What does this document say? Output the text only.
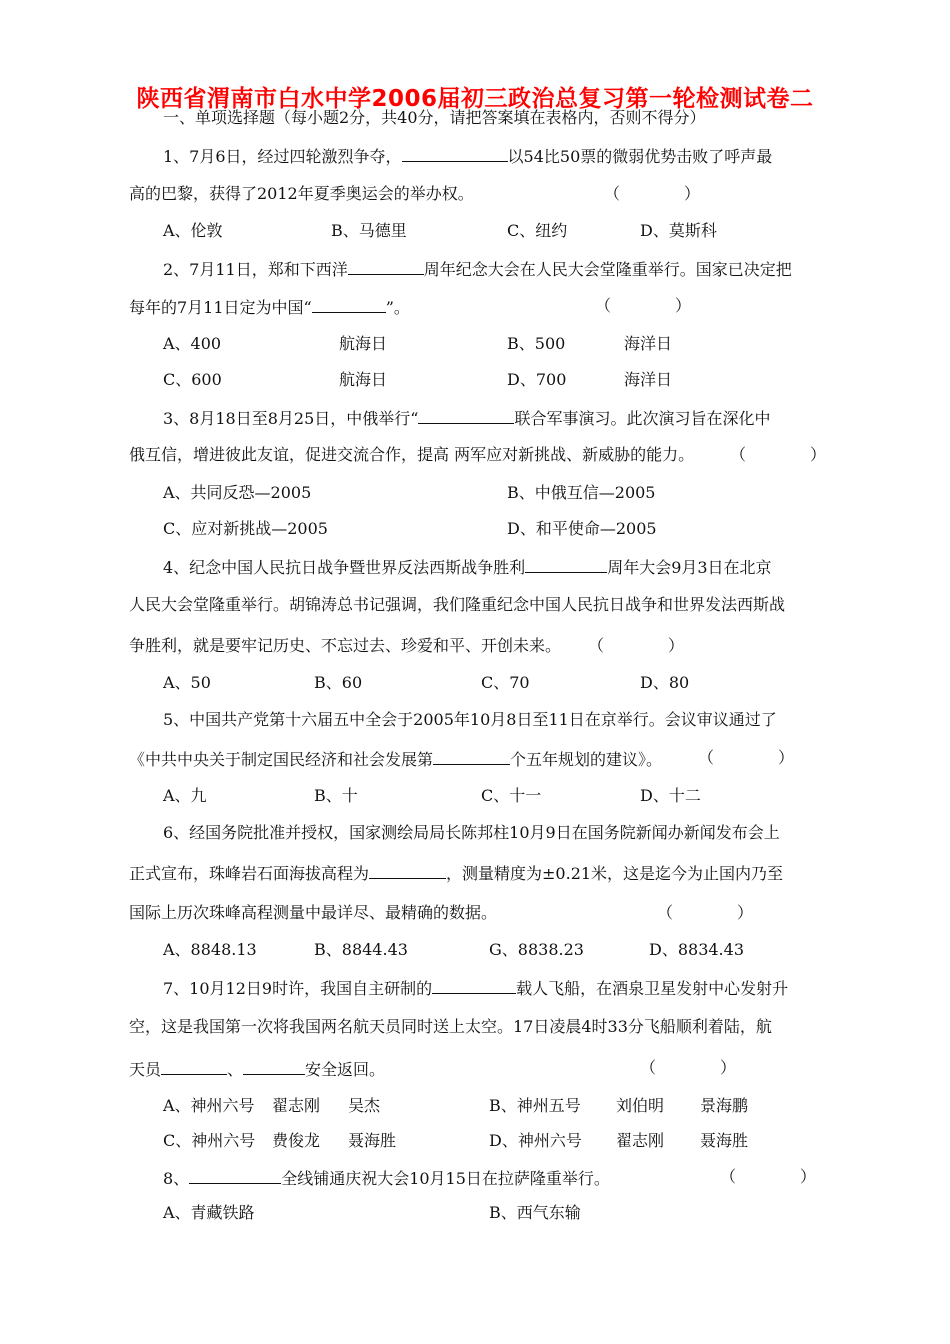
陕西省渭南市白水中学2006届初三政治总复习第一轮检测试卷二
一、单项选择题（每小题2分，共40分，请把答案填在表格内，否则不得分）
1、7月6日，经过四轮激烈争夺，	以54比50票的微弱优势击败了呼声最
高的巴黎，获得了2012年夏季奥运会的举办权。	（　　　　）
A、伦敦	B、马德里	C、纽约	D、莫斯科
2、7月11日，郑和下西洋	周年纪念大会在人民大会堂隆重举行。国家已决定把
每年的7月11日定为中国“	”。	（　　　　）
A、400	航海日	B、500	海洋日
C、600	航海日	D、700	海洋日
3、8月18日至8月25日，中俄举行“	联合军事演习。此次演习旨在深化中
俄互信，增进彼此友谊，促进交流合作，提高 两军应对新挑战、新威胁的能力。 （　　　　）
A、共同反恐—2005	B、中俄互信—2005
C、应对新挑战—2005	D、和平使命—2005
4、纪念中国人民抗日战争暨世界反法西斯战争胜利	周年大会9月3日在北京
人民大会堂隆重举行。胡锦涛总书记强调，我们隆重纪念中国人民抗日战争和世界发法西斯战
争胜利，就是要牢记历史、不忘过去、珍爱和平、开创未来。 （　　　　）
A、50	B、60	C、70	D、80
5、中国共产党第十六届五中全会于2005年10月8日至11日在京举行。会议审议通过了
《中共中央关于制定国民经济和社会发展第	个五年规划的建议》。 （　　　　）
A、九	B、十	C、十一	D、十二
6、经国务院批准并授权，国家测绘局局长陈邦柱10月9日在国务院新闻办新闻发布会上
正式宣布，珠峰岩石面海拔高程为	，测量精度为±0.21米，这是迄今为止国内乃至
国际上历次珠峰高程测量中最详尽、最精确的数据。	（　　　　）
A、8848.13	B、8844.43	G、8838.23	D、8834.43
7、10月12日9时许，我国自主研制的	载人飞船，在酒泉卫星发射中心发射升
空，这是我国第一次将我国两名航天员同时送上太空。17日凌晨4时33分飞船顺利着陆，航
天员	、	安全返回。	（　　　　）
A、神州六号 翟志刚 吴杰	B、神州五号 刘伯明 景海鹏
C、神州六号 费俊龙 聂海胜	D、神州六号 翟志刚 聂海胜
8、	全线铺通庆祝大会10月15日在拉萨隆重举行。	（　　　　）
A、青藏铁路	B、西气东输
